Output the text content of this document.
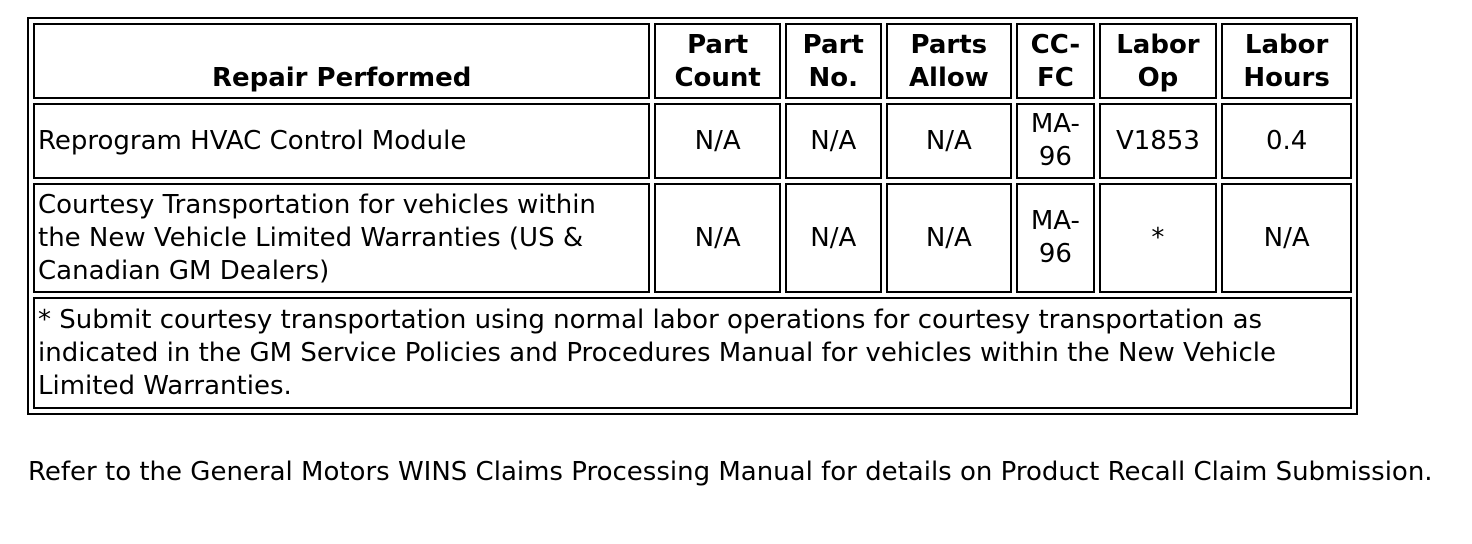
Repair Performed	Part Count	Part No.	Parts Allow	CC-FC	Labor Op	Labor Hours
Reprogram HVAC Control Module	N/A	N/A	N/A	MA-96	V1853	0.4
Courtesy Transportation for vehicles within the New Vehicle Limited Warranties (US & Canadian GM Dealers)	N/A	N/A	N/A	MA-96	*	N/A
* Submit courtesy transportation using normal labor operations for courtesy transportation as indicated in the GM Service Policies and Procedures Manual for vehicles within the New Vehicle Limited Warranties.						
Refer to the General Motors WINS Claims Processing Manual for details on Product Recall Claim Submission.
